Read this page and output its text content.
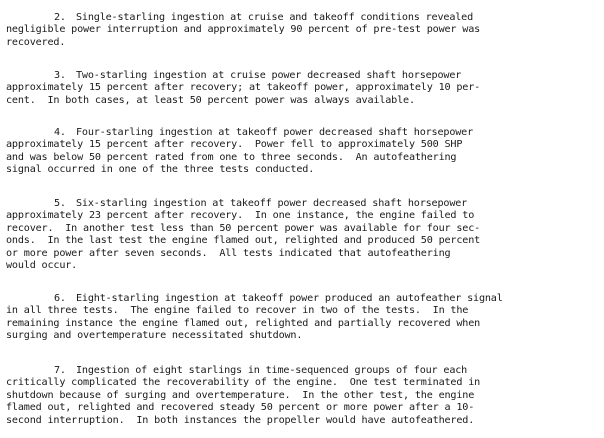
2. Single-starling ingestion at cruise and takeoff conditions revealed
negligible power interruption and approximately 90 percent of pre-test power was
recovered.
3. Two-starling ingestion at cruise power decreased shaft horsepower
approximately 15 percent after recovery; at takeoff power, approximately 10 per-
cent.  In both cases, at least 50 percent power was always available.
4. Four-starling ingestion at takeoff power decreased shaft horsepower
approximately 15 percent after recovery.  Power fell to approximately 500 SHP
and was below 50 percent rated from one to three seconds.  An autofeathering
signal occurred in one of the three tests conducted.
5. Six-starling ingestion at takeoff power decreased shaft horsepower
approximately 23 percent after recovery.  In one instance, the engine failed to
recover.  In another test less than 50 percent power was available for four sec-
onds.  In the last test the engine flamed out, relighted and produced 50 percent
or more power after seven seconds.  All tests indicated that autofeathering
would occur.
6. Eight-starling ingestion at takeoff power produced an autofeather signal
in all three tests.  The engine failed to recover in two of the tests.  In the
remaining instance the engine flamed out, relighted and partially recovered when
surging and overtemperature necessitated shutdown.
7. Ingestion of eight starlings in time-sequenced groups of four each
critically complicated the recoverability of the engine.  One test terminated in
shutdown because of surging and overtemperature.  In the other test, the engine
flamed out, relighted and recovered steady 50 percent or more power after a 10-
second interruption.  In both instances the propeller would have autofeathered.
